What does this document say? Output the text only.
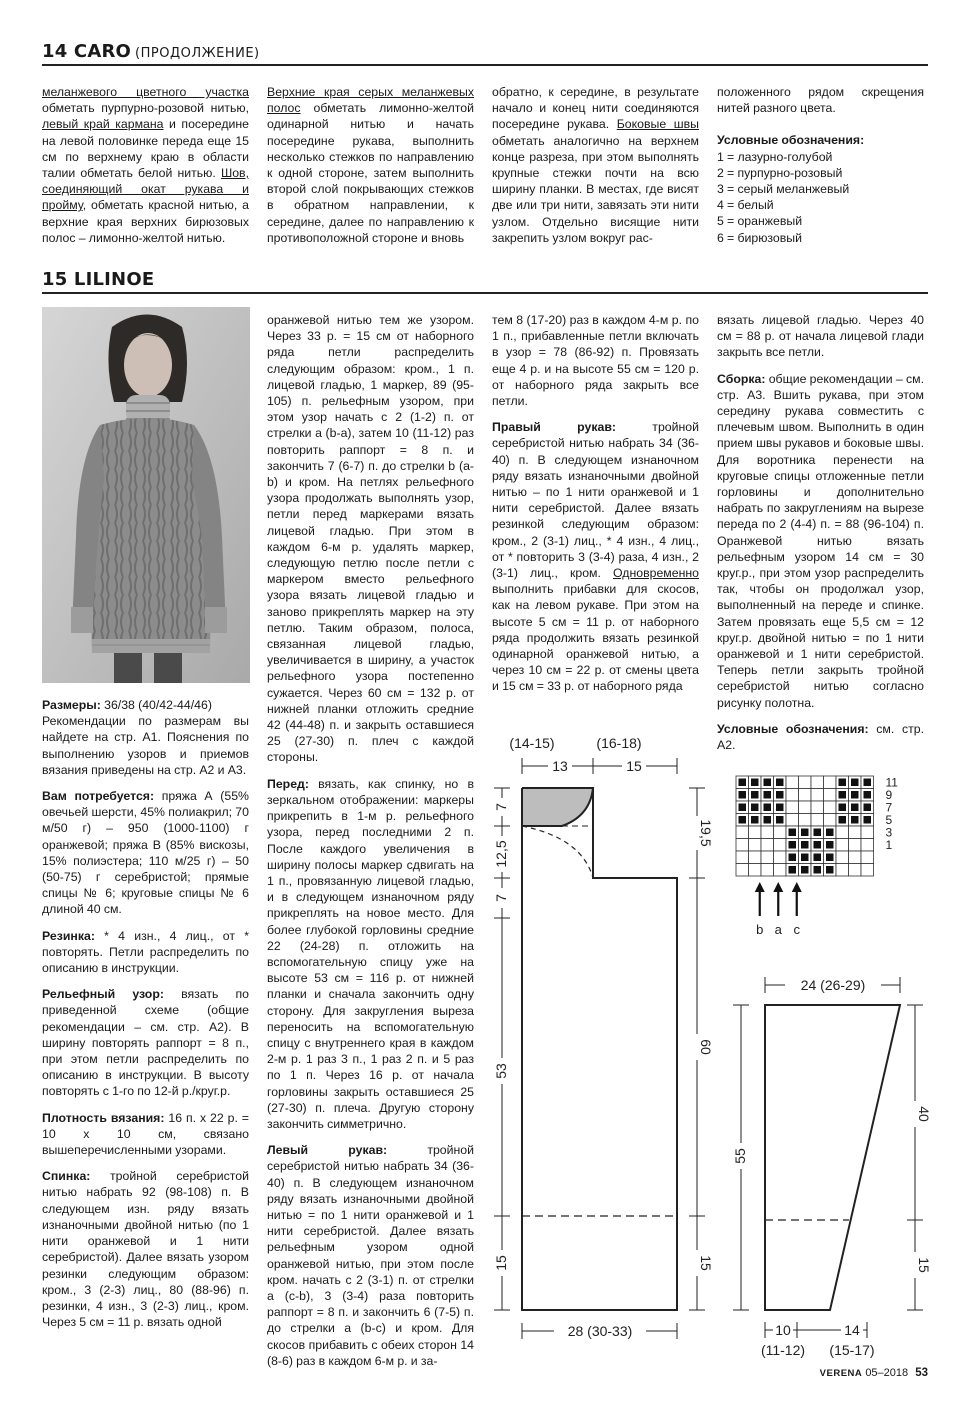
14 CARO (ПРОДОЛЖЕНИЕ)
меланжевого цветного участка обметать пурпурно-розовой нитью, левый край кармана и посередине на левой половинке переда еще 15 см по верхнему краю в области талии обметать белой нитью. Шов, соединяющий окат рукава и пройму, обметать красной нитью, а верхние края верхних бирюзовых полос – лимонно-желтой нитью.
Верхние края серых меланжевых полос обметать лимонно-желтой одинарной нитью и начать посередине рукава, выполнить несколько стежков по направлению к одной стороне, затем выполнить второй слой покрывающих стежков в обратном направлении, к середине, далее по направлению к противоположной стороне и вновь
обратно, к середине, в результате начало и конец нити соединяются посередине рукава. Боковые швы обметать аналогично на верхнем конце разреза, при этом выполнять крупные стежки почти на всю ширину планки. В местах, где висят две или три нити, завязать эти нити узлом. Отдельно висящие нити закрепить узлом вокруг рас-

положенного рядом скрещения нитей разного цвета.

Условные обозначения:
1 = лазурно-голубой
2 = пурпурно-розовый
3 = серый меланжевый
4 = белый
5 = оранжевый
6 = бирюзовый
15 LILINOE

Размеры: 36/38 (40/42-44/46)
Рекомендации по размерам вы найдете на стр. А1. Пояснения по выполнению узоров и приемов вязания приведены на стр. А2 и А3.

Вам потребуется: пряжа А (55% овечьей шерсти, 45% полиакрил; 70 м/50 г) – 950 (1000-1100) г оранжевой; пряжа В (85% вискозы, 15% полиэстера; 110 м/25 г) – 50 (50-75) г серебристой; прямые спицы № 6; круговые спицы № 6 длиной 40 см.

Резинка: * 4 изн., 4 лиц., от * повторять. Петли распределить по описанию в инструкции.

Рельефный узор: вязать по приведенной схеме (общие рекомендации – см. стр. А2). В ширину повторять раппорт = 8 п., при этом петли распределить по описанию в инструкции. В высоту повторять с 1-го по 12-й р./круг.р.

Плотность вязания: 16 п. х 22 р. = 10 х 10 см, связано вышеперечисленными узорами.

Спинка: тройной серебристой нитью набрать 92 (98-108) п. В следующем изн. ряду вязать изнаночными двойной нитью (по 1 нити оранжевой и 1 нити серебристой). Далее вязать узором резинки следующим образом: кром., 3 (2-3) лиц., 80 (88-96) п. резинки, 4 изн., 3 (2-3) лиц., кром. Через 5 см = 11 р. вязать одной

оранжевой нитью тем же узором. Через 33 р. = 15 см от наборного ряда петли распределить следующим образом: кром., 1 п. лицевой гладью, 1 маркер, 89 (95-105) п. рельефным узором, при этом узор начать с 2 (1-2) п. от стрелки a (b-a), затем 10 (11-12) раз повторить раппорт = 8 п. и закончить 7 (6-7) п. до стрелки b (a-b) и кром. На петлях рельефного узора продолжать выполнять узор, петли перед маркерами вязать лицевой гладью. При этом в каждом 6-м р. удалять маркер, следующую петлю после петли с маркером вместо рельефного узора вязать лицевой гладью и заново прикреплять маркер на эту петлю. Таким образом, полоса, связанная лицевой гладью, увеличивается в ширину, а участок рельефного узора постепенно сужается. Через 60 см = 132 р. от нижней планки отложить средние 42 (44-48) п. и закрыть оставшиеся 25 (27-30) п. плеч с каждой стороны.

Перед: вязать, как спинку, но в зеркальном отображении: маркеры прикрепить в 1-м р. рельефного узора, перед последними 2 п. После каждого увеличения в ширину полосы маркер сдвигать на 1 п., провязанную лицевой гладью, и в следующем изнаночном ряду прикреплять на новое место. Для более глубокой горловины средние 22 (24-28) п. отложить на вспомогательную спицу уже на высоте 53 см = 116 р. от нижней планки и сначала закончить одну сторону. Для закругления выреза переносить на вспомогательную спицу с внутреннего края в каждом 2-м р. 1 раз 3 п., 1 раз 2 п. и 5 раз по 1 п. Через 16 р. от начала горловины закрыть оставшиеся 25 (27-30) п. плеча. Другую сторону закончить симметрично.

Левый рукав: тройной серебристой нитью набрать 34 (36-40) п. В следующем изнаночном ряду вязать изнаночными двойной нитью = по 1 нити оранжевой и 1 нити серебристой. Далее вязать рельефным узором одной оранжевой нитью, при этом после кром. начать с 2 (3-1) п. от стрелки a (c-b), 3 (3-4) раза повторить раппорт = 8 п. и закончить 6 (7-5) п. до стрелки a (b-c) и кром. Для скосов прибавить с обеих сторон 14 (8-6) раз в каждом 6-м р. и за-

тем 8 (17-20) раз в каждом 4-м р. по 1 п., прибавленные петли включать в узор = 78 (86-92) п. Провязать еще 4 р. и на высоте 55 см = 120 р. от наборного ряда закрыть все петли.

Правый рукав: тройной серебристой нитью набрать 34 (36-40) п. В следующем изнаночном ряду вязать изнаночными двойной нитью – по 1 нити оранжевой и 1 нити серебристой. Далее вязать резинкой следующим образом: кром., 2 (3-1) лиц., * 4 изн., 4 лиц., от * повторить 3 (3-4) раза, 4 изн., 2 (3-1) лиц., кром. Одновременно выполнить прибавки для скосов, как на левом рукаве. При этом на высоте 5 см = 11 р. от наборного ряда продолжить вязать резинкой одинарной оранжевой нитью, а через 10 см = 22 р. от смены цвета и 15 см = 33 р. от наборного ряда

вязать лицевой гладью. Через 40 см = 88 р. от начала лицевой глади закрыть все петли.

Сборка: общие рекомендации – см. стр. А3. Вшить рукава, при этом середину рукава совместить с плечевым швом. Выполнить в один прием швы рукавов и боковые швы. Для воротника перенести на круговые спицы отложенные петли горловины и дополнительно набрать по закруглениям на вырезе переда по 2 (4-4) п. = 88 (96-104) п. Оранжевой нитью вязать рельефным узором 14 см = 30 круг.р., при этом узор распределить так, чтобы он продолжал узор, выполненный на переде и спинке. Затем провязать еще 5,5 см = 12 круг.р. двойной нитью = по 1 нити оранжевой и 1 нити серебристой. Теперь петли закрыть тройной серебристой нитью согласно рисунку полотна.

Условные обозначения: см. стр. А2.

(14-15)	(16-18)
13	15
7
12,5
7
53
15
19,5
60
15
28 (30-33)
11
9
7
5
3
1
b a c
24 (26-29)
55
40
15
10	14
(11-12) (15-17)
VERENA 05–2018 53
